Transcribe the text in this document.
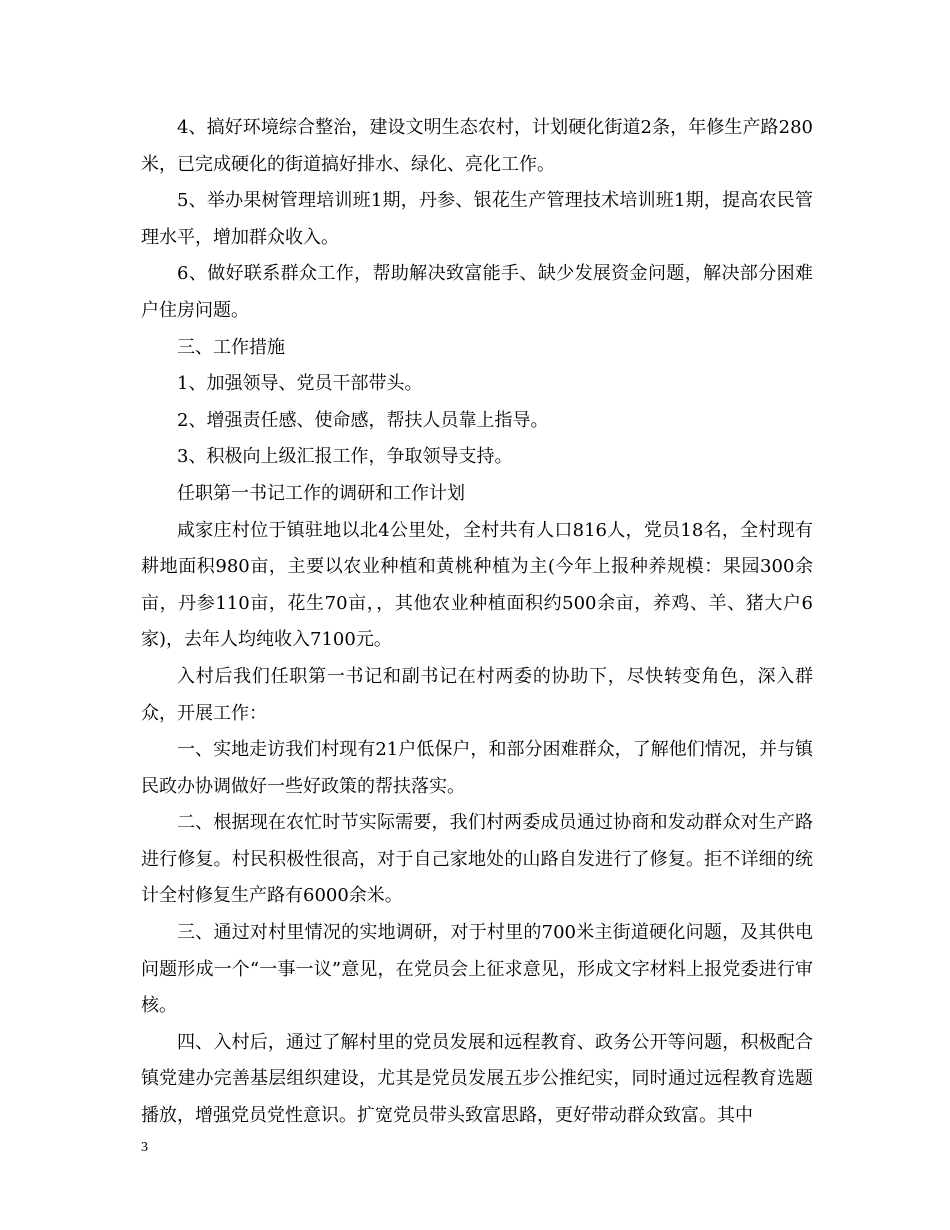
4、搞好环境综合整治，建设文明生态农村，计划硬化街道2条，年修生产路280米，已完成硬化的街道搞好排水、绿化、亮化工作。

5、举办果树管理培训班1期，丹参、银花生产管理技术培训班1期，提高农民管理水平，增加群众收入。

6、做好联系群众工作，帮助解决致富能手、缺少发展资金问题，解决部分困难户住房问题。

三、工作措施

1、加强领导、党员干部带头。

2、增强责任感、使命感，帮扶人员靠上指导。

3、积极向上级汇报工作，争取领导支持。

任职第一书记工作的调研和工作计划

咸家庄村位于镇驻地以北4公里处，全村共有人口816人，党员18名，全村现有耕地面积980亩，主要以农业种植和黄桃种植为主(今年上报种养规模：果园300余亩，丹参110亩，花生70亩，，其他农业种植面积约500余亩，养鸡、羊、猪大户6家)，去年人均纯收入7100元。

入村后我们任职第一书记和副书记在村两委的协助下，尽快转变角色，深入群众，开展工作：

一、实地走访我们村现有21户低保户，和部分困难群众，了解他们情况，并与镇民政办协调做好一些好政策的帮扶落实。

二、根据现在农忙时节实际需要，我们村两委成员通过协商和发动群众对生产路进行修复。村民积极性很高，对于自己家地处的山路自发进行了修复。拒不详细的统计全村修复生产路有6000余米。

三、通过对村里情况的实地调研，对于村里的700米主街道硬化问题，及其供电问题形成一个“一事一议”意见，在党员会上征求意见，形成文字材料上报党委进行审核。

四、入村后，通过了解村里的党员发展和远程教育、政务公开等问题，积极配合镇党建办完善基层组织建设，尤其是党员发展五步公推纪实，同时通过远程教育选题播放，增强党员党性意识。扩宽党员带头致富思路，更好带动群众致富。其中

3
